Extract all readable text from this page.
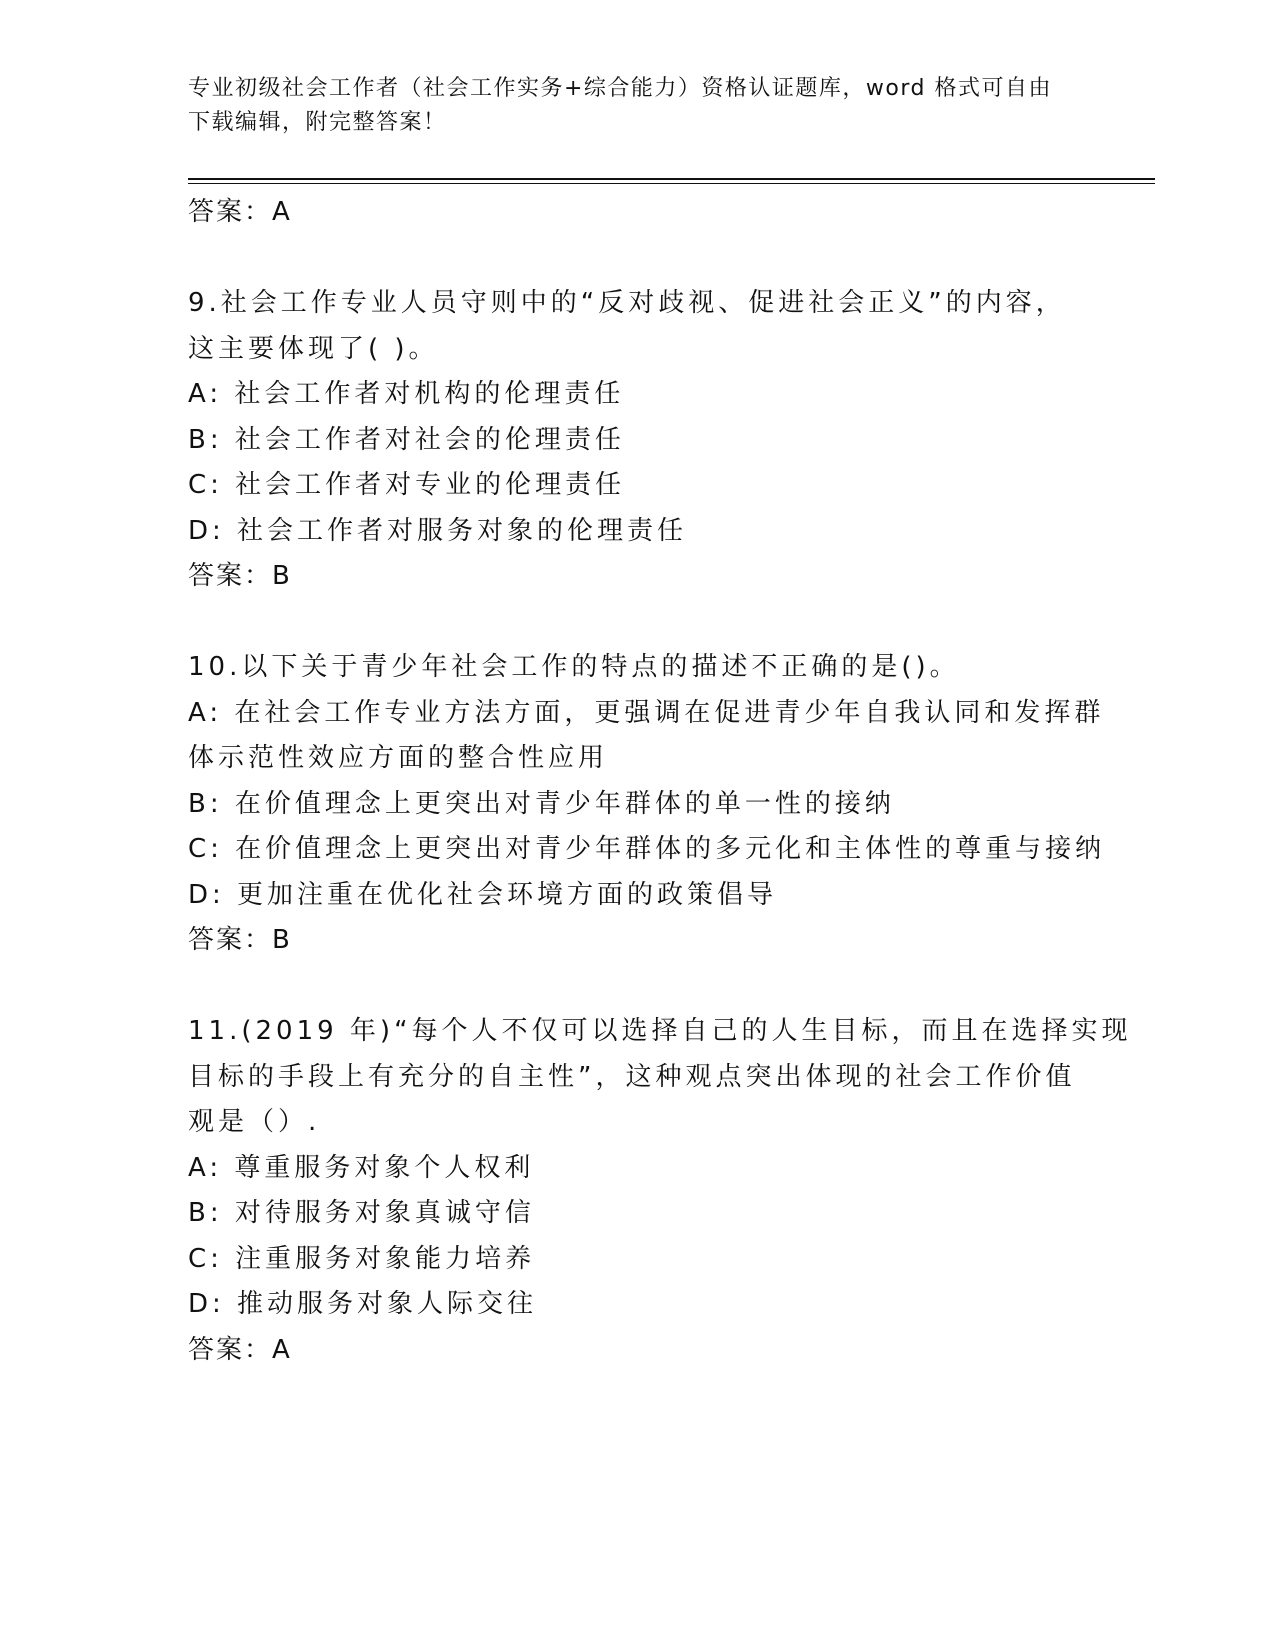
专业初级社会工作者（社会工作实务+综合能力）资格认证题库，word 格式可自由
下载编辑，附完整答案！
答案：A
9.社会工作专业人员守则中的“反对歧视、促进社会正义”的内容，
这主要体现了( )。
A: 社会工作者对机构的伦理责任
B: 社会工作者对社会的伦理责任
C: 社会工作者对专业的伦理责任
D: 社会工作者对服务对象的伦理责任
答案：B
10.以下关于青少年社会工作的特点的描述不正确的是()。
A: 在社会工作专业方法方面，更强调在促进青少年自我认同和发挥群
体示范性效应方面的整合性应用
B: 在价值理念上更突出对青少年群体的单一性的接纳
C: 在价值理念上更突出对青少年群体的多元化和主体性的尊重与接纳
D: 更加注重在优化社会环境方面的政策倡导
答案：B
11.(2019 年)“每个人不仅可以选择自己的人生目标，而且在选择实现
目标的手段上有充分的自主性”，这种观点突出体现的社会工作价值
观是（）.
A: 尊重服务对象个人权利
B: 对待服务对象真诚守信
C: 注重服务对象能力培养
D: 推动服务对象人际交往
答案：A
